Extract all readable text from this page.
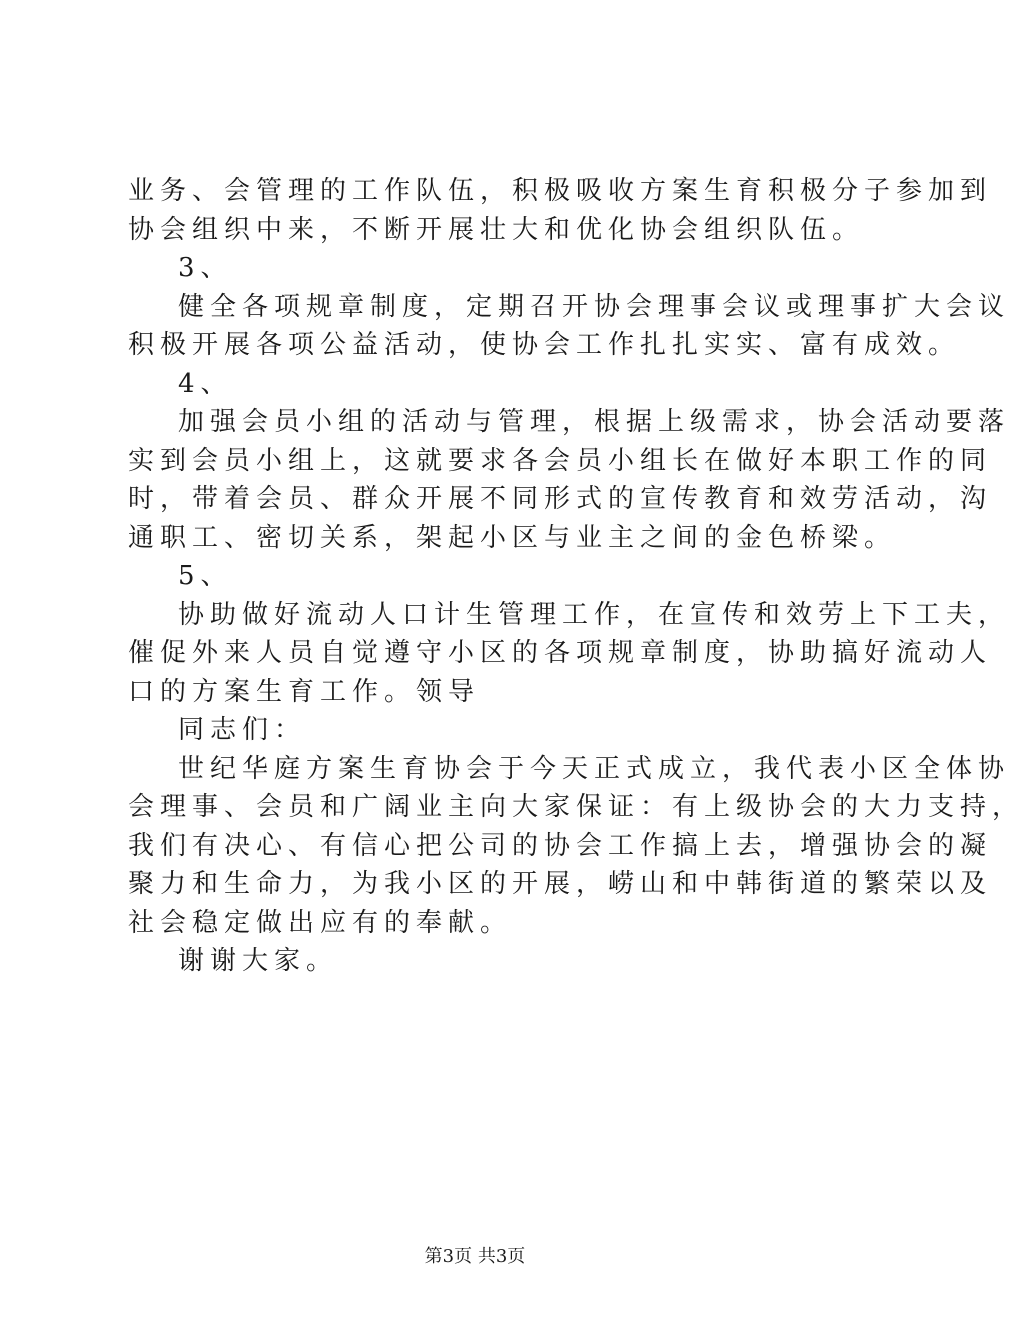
业务、会管理的工作队伍，积极吸收方案生育积极分子参加到
协会组织中来，不断开展壮大和优化协会组织队伍。
3、
健全各项规章制度，定期召开协会理事会议或理事扩大会议
积极开展各项公益活动，使协会工作扎扎实实、富有成效。
4、
加强会员小组的活动与管理，根据上级需求，协会活动要落
实到会员小组上，这就要求各会员小组长在做好本职工作的同
时，带着会员、群众开展不同形式的宣传教育和效劳活动，沟
通职工、密切关系，架起小区与业主之间的金色桥梁。
5、
协助做好流动人口计生管理工作，在宣传和效劳上下工夫，
催促外来人员自觉遵守小区的各项规章制度，协助搞好流动人
口的方案生育工作。领导
同志们：
世纪华庭方案生育协会于今天正式成立，我代表小区全体协
会理事、会员和广阔业主向大家保证：有上级协会的大力支持，
我们有决心、有信心把公司的协会工作搞上去，增强协会的凝
聚力和生命力，为我小区的开展，崂山和中韩街道的繁荣以及
社会稳定做出应有的奉献。
谢谢大家。
第3页 共3页
